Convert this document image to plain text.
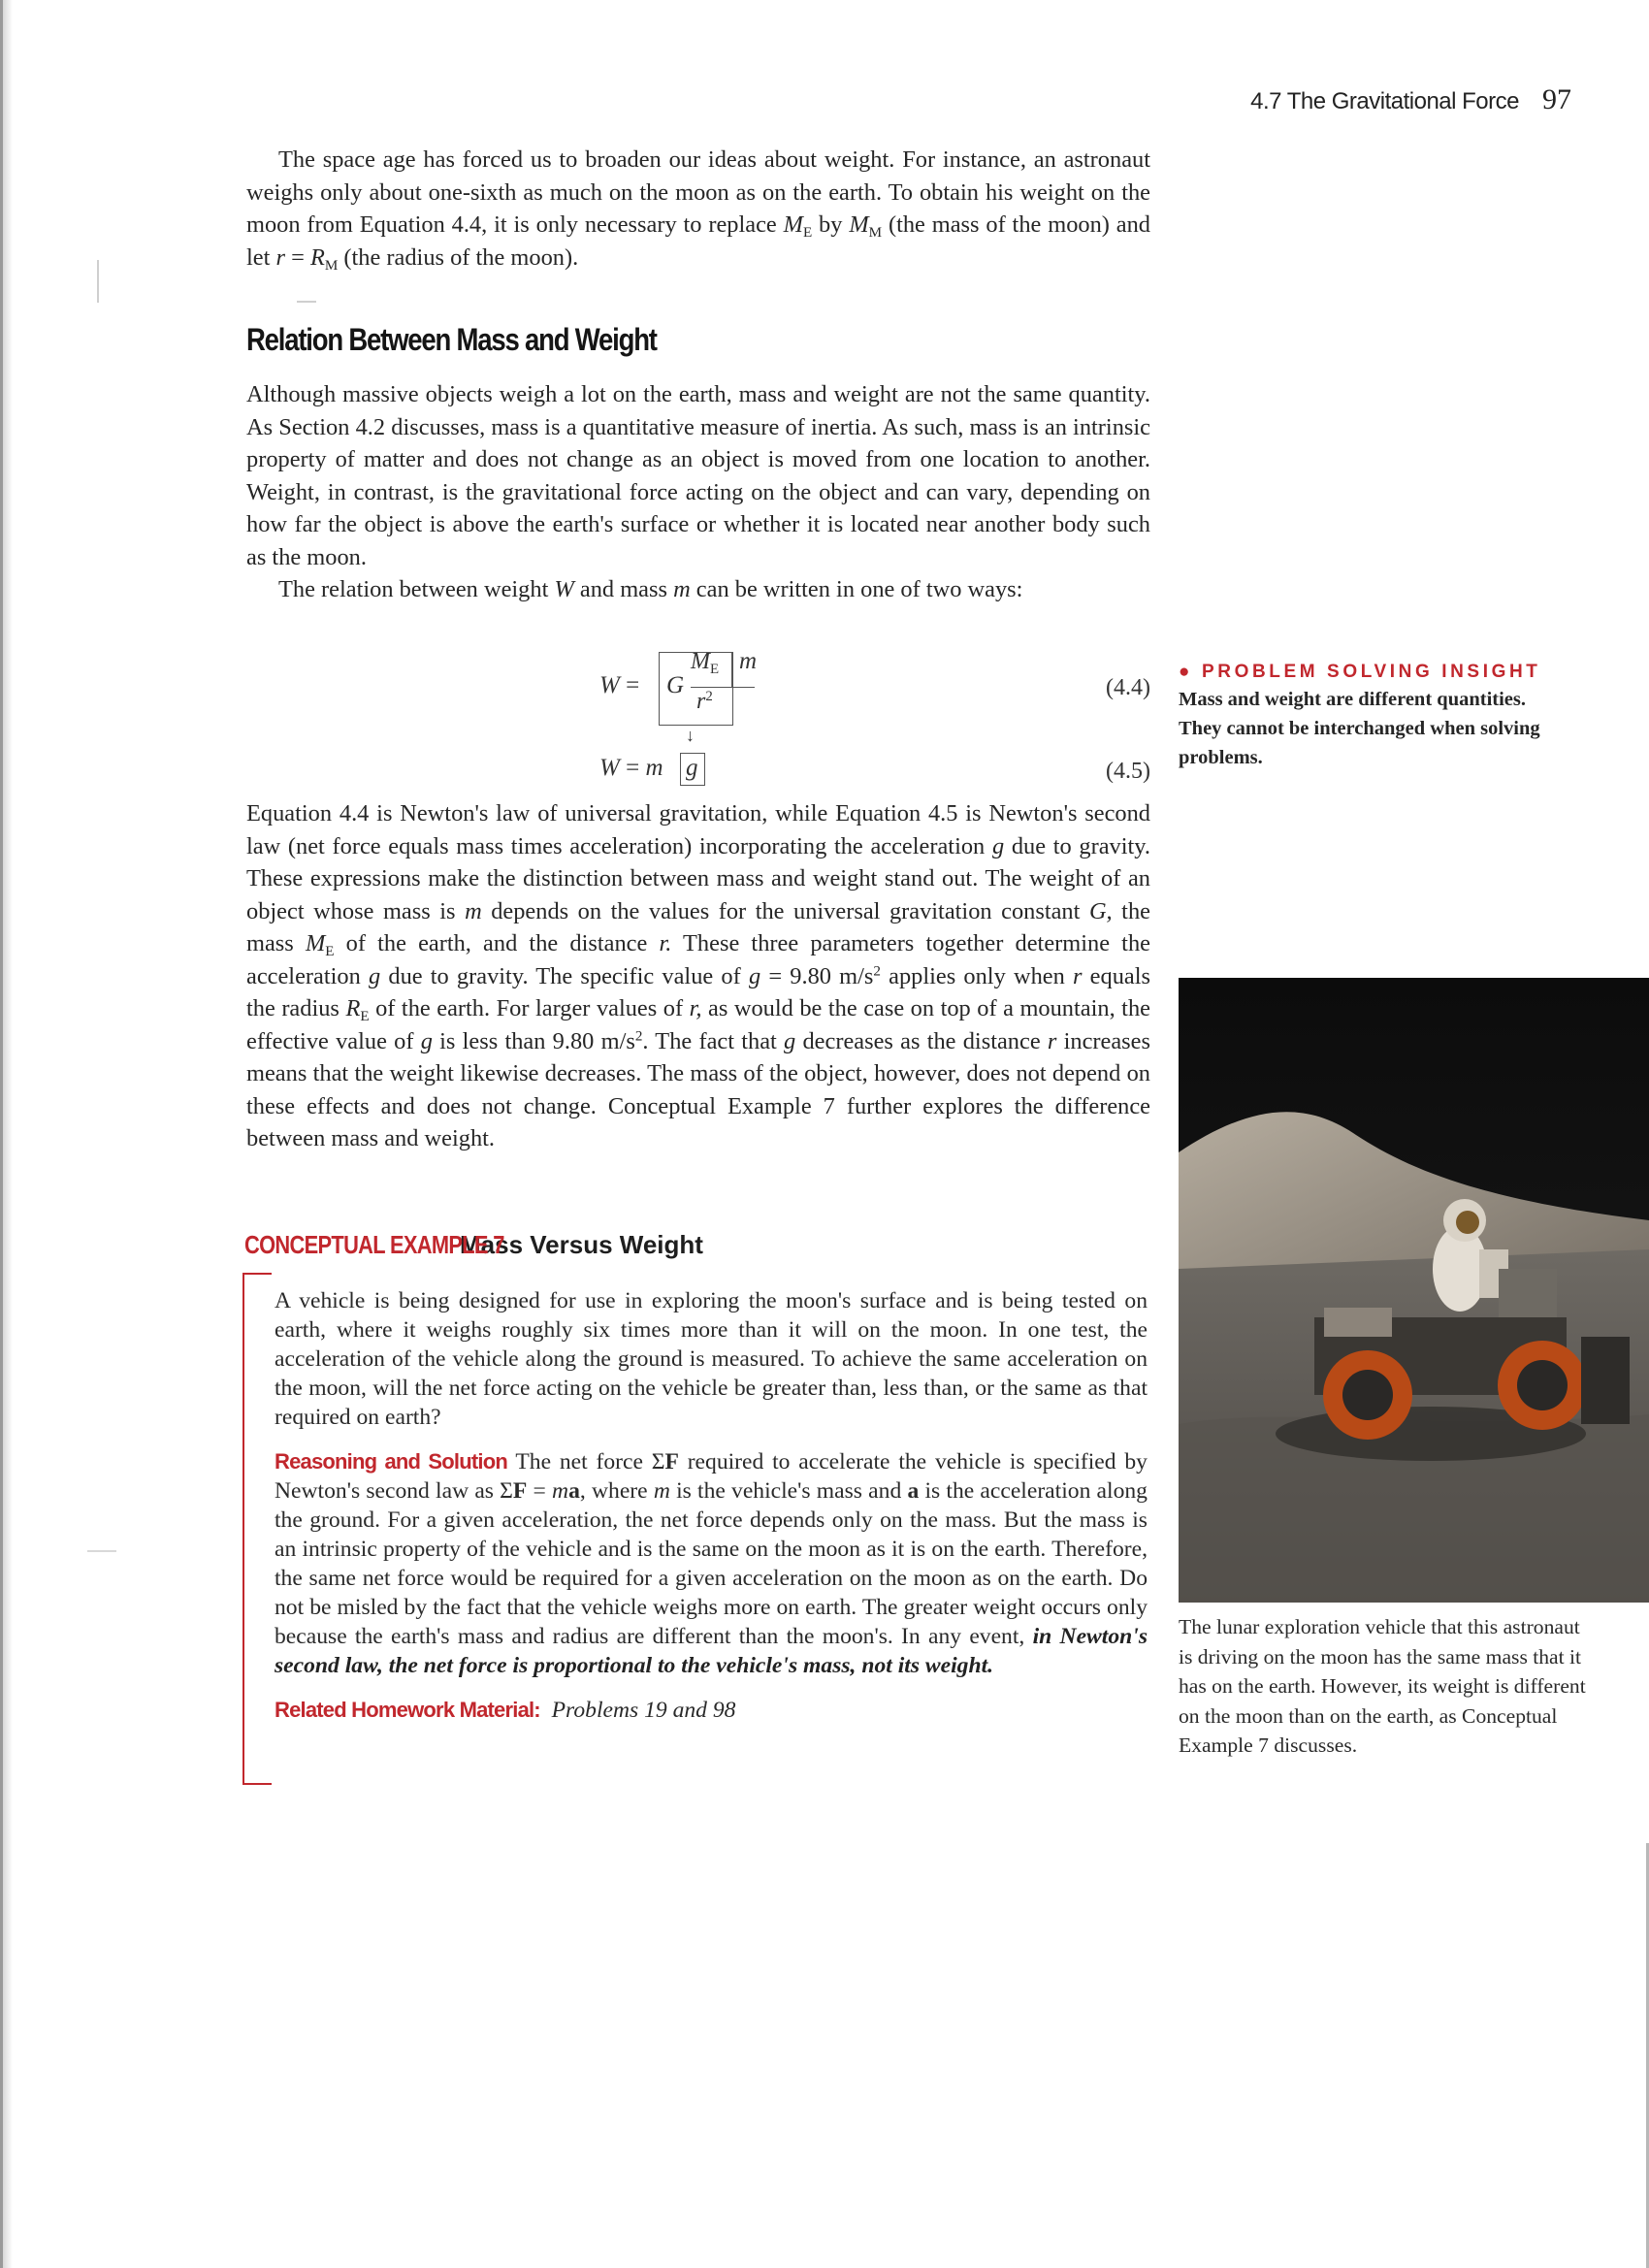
4.7 The Gravitational Force 97

The space age has forced us to broaden our ideas about weight. For instance, an astronaut weighs only about one-sixth as much on the moon as on the earth. To obtain his weight on the moon from Equation 4.4, it is only necessary to replace $M_E$ by $M_M$ (the mass of the moon) and let $r = R_M$ (the radius of the moon).

Relation Between Mass and Weight

Although massive objects weigh a lot on the earth, mass and weight are not the same quantity. As Section 4.2 discusses, mass is a quantitative measure of inertia. As such, mass is an intrinsic property of matter and does not change as an object is moved from one location to another. Weight, in contrast, is the gravitational force acting on the object and can vary, depending on how far the object is above the earth's surface or whether it is located near another body such as the moon.

The relation between weight W and mass m can be written in one of two ways:

W = G
$M_E$ m
$r^2$	(4.4)
↓
W = m g	(4.5)

Equation 4.4 is Newton's law of universal gravitation, while Equation 4.5 is Newton's second law (net force equals mass times acceleration) incorporating the acceleration g due to gravity. These expressions make the distinction between mass and weight stand out. The weight of an object whose mass is m depends on the values for the universal gravitation constant G, the mass $M_E$ of the earth, and the distance r. These three parameters together determine the acceleration g due to gravity. The specific value of g = 9.80 $m/s^2$ applies only when r equals the radius $R_E$ of the earth. For larger values of r, as would be the case on top of a mountain, the effective value of g is less than 9.80 $m/s^2$. The fact that g decreases as the distance r increases means that the weight likewise decreases. The mass of the object, however, does not depend on these effects and does not change. Conceptual Example 7 further explores the difference between mass and weight.

CONCEPTUAL EXAMPLE 7
Mass Versus Weight

A vehicle is being designed for use in exploring the moon's surface and is being tested on earth, where it weighs roughly six times more than it will on the moon. In one test, the acceleration of the vehicle along the ground is measured. To achieve the same acceleration on the moon, will the net force acting on the vehicle be greater than, less than, or the same as that required on earth?

Reasoning and Solution The net force ΣF required to accelerate the vehicle is specified by Newton's second law as ΣF = ma, where m is the vehicle's mass and a is the acceleration along the ground. For a given acceleration, the net force depends only on the mass. But the mass is an intrinsic property of the vehicle and is the same on the moon as it is on the earth. Therefore, the same net force would be required for a given acceleration on the moon as on the earth. Do not be misled by the fact that the vehicle weighs more on earth. The greater weight occurs only because the earth's mass and radius are different than the moon's. In any event, in Newton's second law, the net force is proportional to the vehicle's mass, not its weight.

Related Homework Material: Problems 19 and 98

● PROBLEM SOLVING INSIGHT
Mass and weight are different quantities. They cannot be interchanged when solving problems.
The lunar exploration vehicle that this astronaut is driving on the moon has the same mass that it has on the earth. However, its weight is different on the moon than on the earth, as Conceptual Example 7 discusses.
